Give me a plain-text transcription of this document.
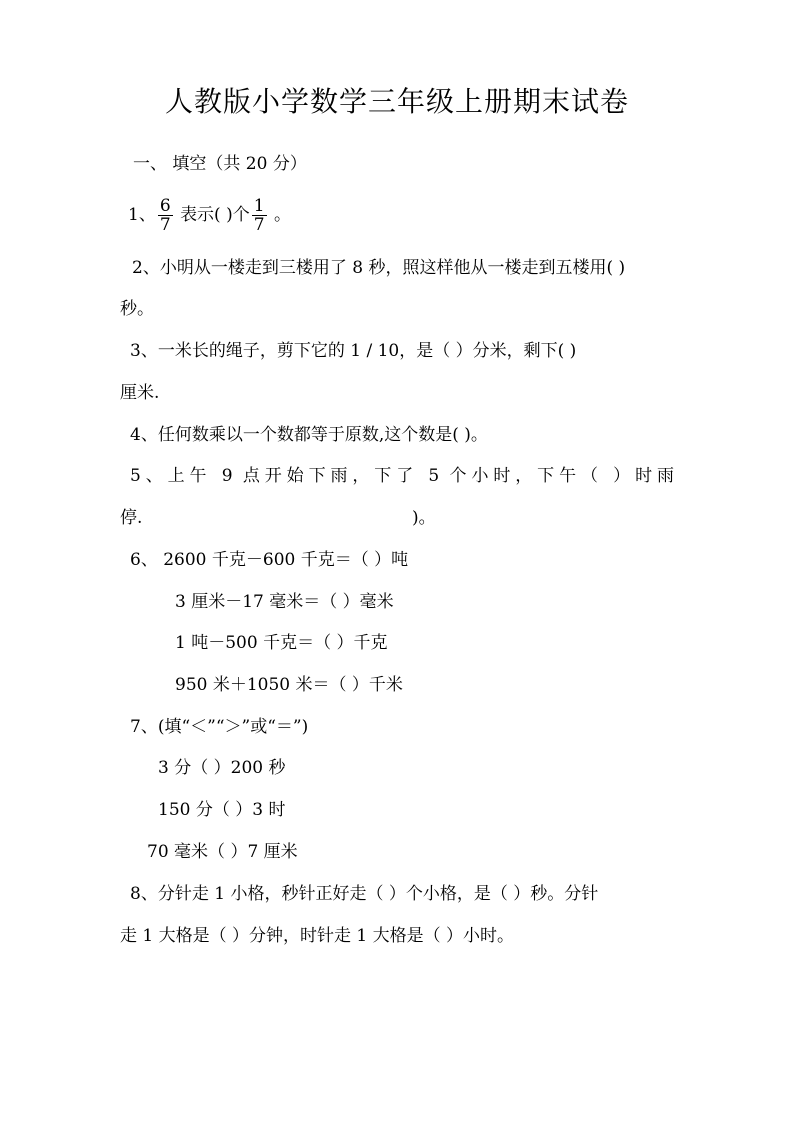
人教版小学数学三年级上册期末试卷
一、 填空（共 20 分）
1、 $\frac{6}{7}$ 表示( )个 $\frac{1}{7}$ 。
2、小明从一楼走到三楼用了 8 秒，照这样他从一楼走到五楼用( )
秒。
3、一米长的绳子，剪下它的 1 / 10，是（ ）分米，剩下( )
厘米.
4、任何数乘以一个数都等于原数,这个数是( )。
5、上午 9 点开始下雨，下了 5 个小时，下午（ ）时雨
停.	)。
6、 2600 千克－600 千克＝（ ）吨
3 厘米－17 毫米＝（ ）毫米
1 吨－500 千克＝（ ）千克
950 米＋1050 米＝（ ）千米
7、(填“＜”“＞”或“＝”)
3 分（ ）200 秒
150 分（ ）3 时
70 毫米（ ）7 厘米
8、分针走 1 小格，秒针正好走（ ）个小格，是（ ）秒。分针
走 1 大格是（ ）分钟，时针走 1 大格是（ ）小时。
